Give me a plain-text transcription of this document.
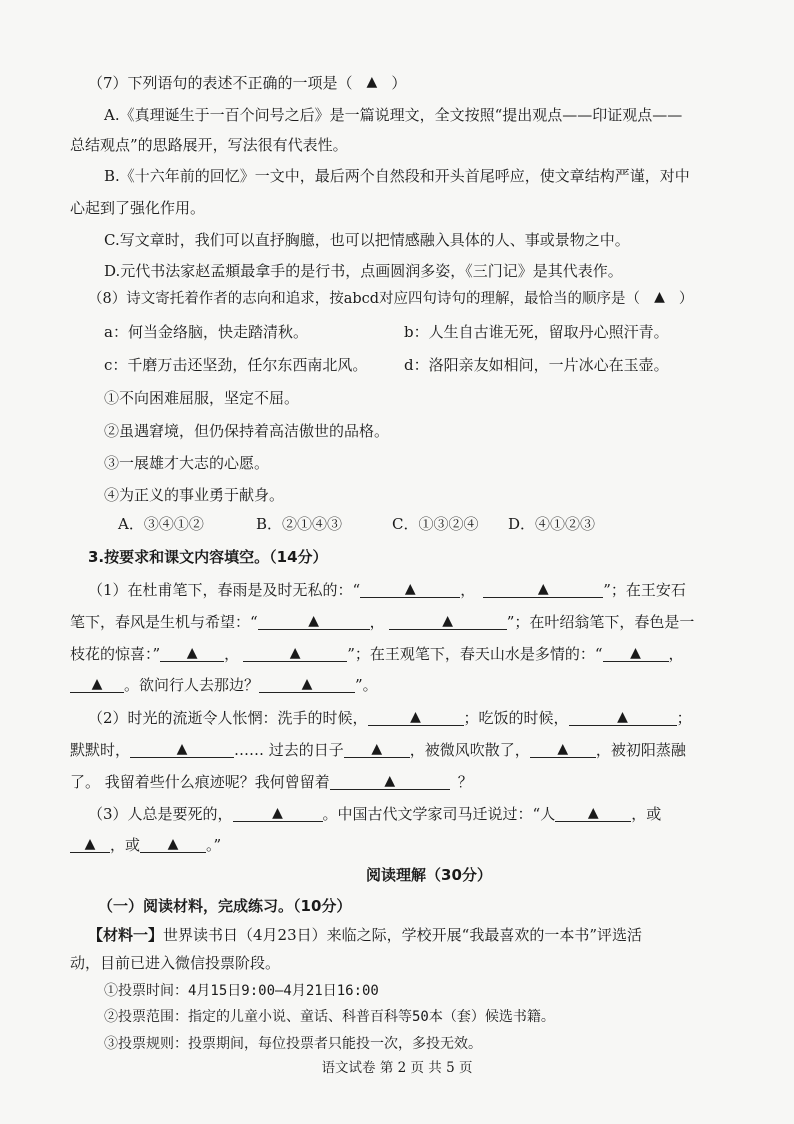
（7）下列语句的表述不正确的一项是（ ▲ ）
A.《真理诞生于一百个问号之后》是一篇说理文，全文按照“提出观点——印证观点——
总结观点”的思路展开，写法很有代表性。
B.《十六年前的回忆》一文中，最后两个自然段和开头首尾呼应，使文章结构严谨，对中
心起到了强化作用。
C.写文章时，我们可以直抒胸臆，也可以把情感融入具体的人、事或景物之中。
D.元代书法家赵孟頫最拿手的是行书，点画圆润多姿，《三门记》是其代表作。
（8）诗文寄托着作者的志向和追求，按abcd对应四句诗句的理解，最恰当的顺序是（ ▲ ）
a：何当金络脑，快走踏清秋。	b：人生自古谁无死，留取丹心照汗青。
c：千磨万击还坚劲，任尔东西南北风。 d：洛阳亲友如相问，一片冰心在玉壶。
①不向困难屈服，坚定不屈。
②虽遇窘境，但仍保持着高洁傲世的品格。
③一展雄才大志的心愿。
④为正义的事业勇于献身。
A．③④①②	B．②①④③	C．①③②④ D．④①②③
3.按要求和课文内容填空。（14分）
（1）在杜甫笔下，春雨是及时无私的：“	▲	，	▲	”；在王安石
笔下，春风是生机与希望：“	▲	，	▲	”；在叶绍翁笔下，春色是一
枝花的惊喜：” ▲ ，	▲	”；在王观笔下，春天山水是多情的：“ ▲ ，
▲ 。欲问行人去那边？	▲	”。
（2）时光的流逝令人怅惘：洗手的时候，	▲	；吃饭的时候，	▲	；
默默时，	▲	…… 过去的日子 ▲ ，被微风吹散了， ▲ ，被初阳蒸融
了。 我留着些什么痕迹呢？我何曾留着	▲	？
（3）人总是要死的，	▲	。中国古代文学家司马迁说过：“人 ▲ ，或
▲ ，或 ▲ 。”
阅读理解（30分）
（一）阅读材料，完成练习。（10分）
【材料一】世界读书日（4月23日）来临之际，学校开展“我最喜欢的一本书”评选活
动，目前已进入微信投票阶段。
①投票时间：4月15日9:00—4月21日16:00
②投票范围：指定的儿童小说、童话、科普百科等50本（套）候选书籍。
③投票规则：投票期间，每位投票者只能投一次，多投无效。
语文试卷 第 2 页 共 5 页
